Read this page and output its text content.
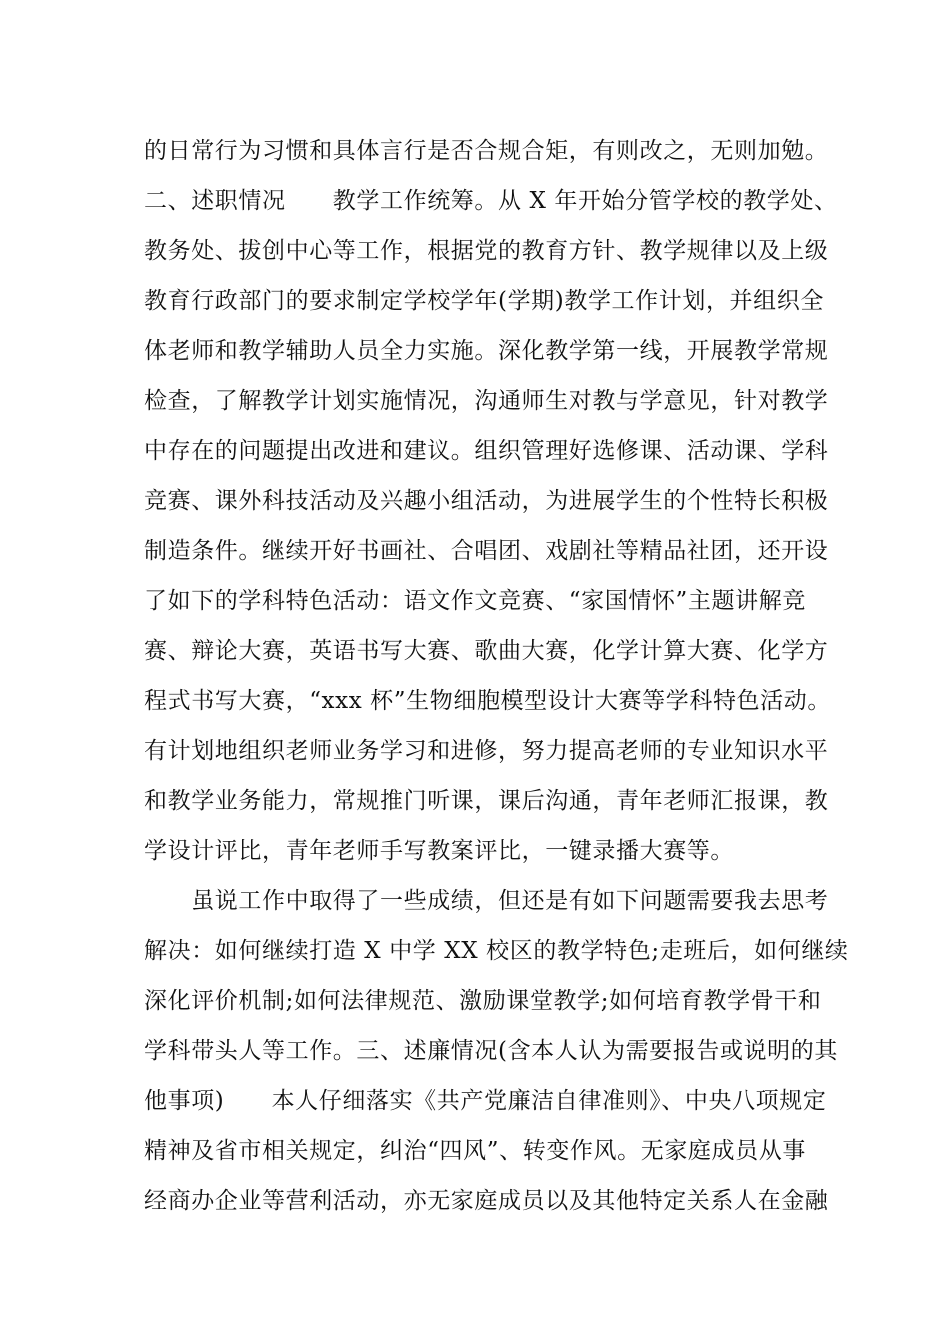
的日常行为习惯和具体言行是否合规合矩，有则改之，无则加勉。
二、述职情况　　教学工作统筹。从 X 年开始分管学校的教学处、
教务处、拔创中心等工作，根据党的教育方针、教学规律以及上级
教育行政部门的要求制定学校学年(学期)教学工作计划，并组织全
体老师和教学辅助人员全力实施。深化教学第一线，开展教学常规
检查，了解教学计划实施情况，沟通师生对教与学意见，针对教学
中存在的问题提出改进和建议。组织管理好选修课、活动课、学科
竞赛、课外科技活动及兴趣小组活动，为进展学生的个性特长积极
制造条件。继续开好书画社、合唱团、戏剧社等精品社团，还开设
了如下的学科特色活动：语文作文竞赛、“家国情怀”主题讲解竞
赛、辩论大赛，英语书写大赛、歌曲大赛，化学计算大赛、化学方
程式书写大赛，“xxx 杯”生物细胞模型设计大赛等学科特色活动。
有计划地组织老师业务学习和进修，努力提高老师的专业知识水平
和教学业务能力，常规推门听课，课后沟通，青年老师汇报课，教
学设计评比，青年老师手写教案评比，一键录播大赛等。
　　虽说工作中取得了一些成绩，但还是有如下问题需要我去思考
解决：如何继续打造 X 中学 XX 校区的教学特色;走班后，如何继续
深化评价机制;如何法律规范、激励课堂教学;如何培育教学骨干和
学科带头人等工作。三、述廉情况(含本人认为需要报告或说明的其
他事项)　　本人仔细落实《共产党廉洁自律准则》、中央八项规定
精神及省市相关规定，纠治“四风”、转变作风。无家庭成员从事
经商办企业等营利活动，亦无家庭成员以及其他特定关系人在金融
